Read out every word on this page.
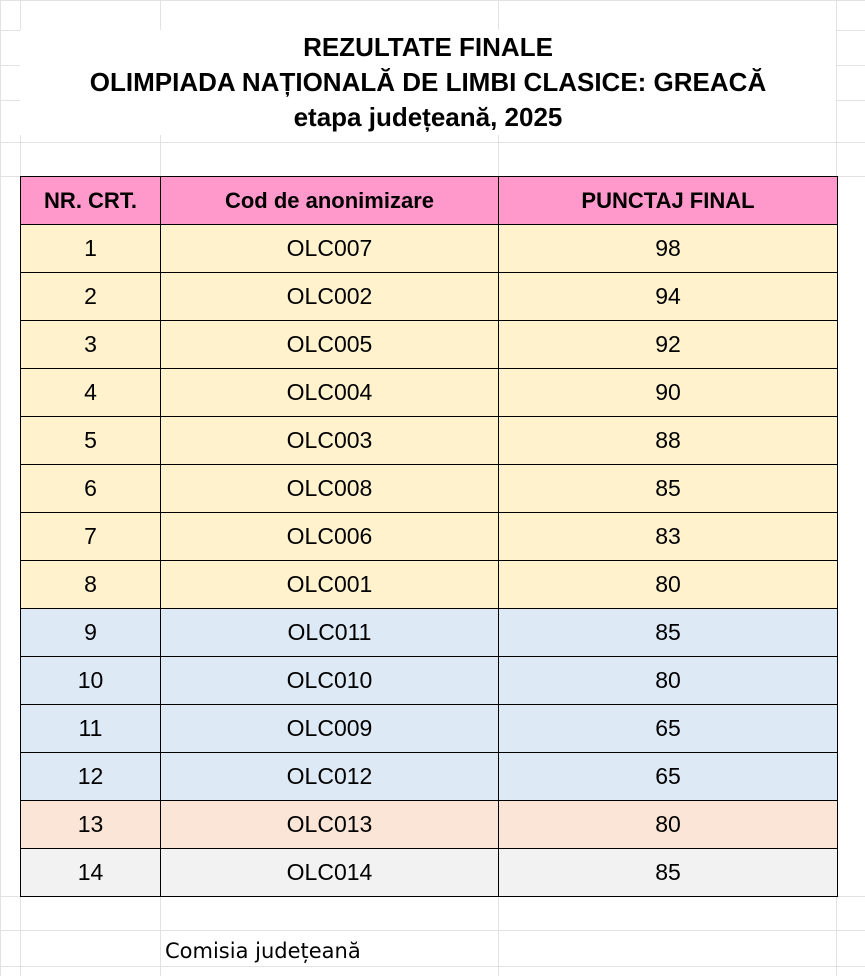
REZULTATE FINALE
OLIMPIADA NAȚIONALĂ DE LIMBI CLASICE: GREACĂ
etapa județeană, 2025
NR. CRT.	Cod de anonimizare	PUNCTAJ FINAL
1	OLC007	98
2	OLC002	94
3	OLC005	92
4	OLC004	90
5	OLC003	88
6	OLC008	85
7	OLC006	83
8	OLC001	80
9	OLC011	85
10	OLC010	80
11	OLC009	65
12	OLC012	65
13	OLC013	80
14	OLC014	85
Comisia județeană
